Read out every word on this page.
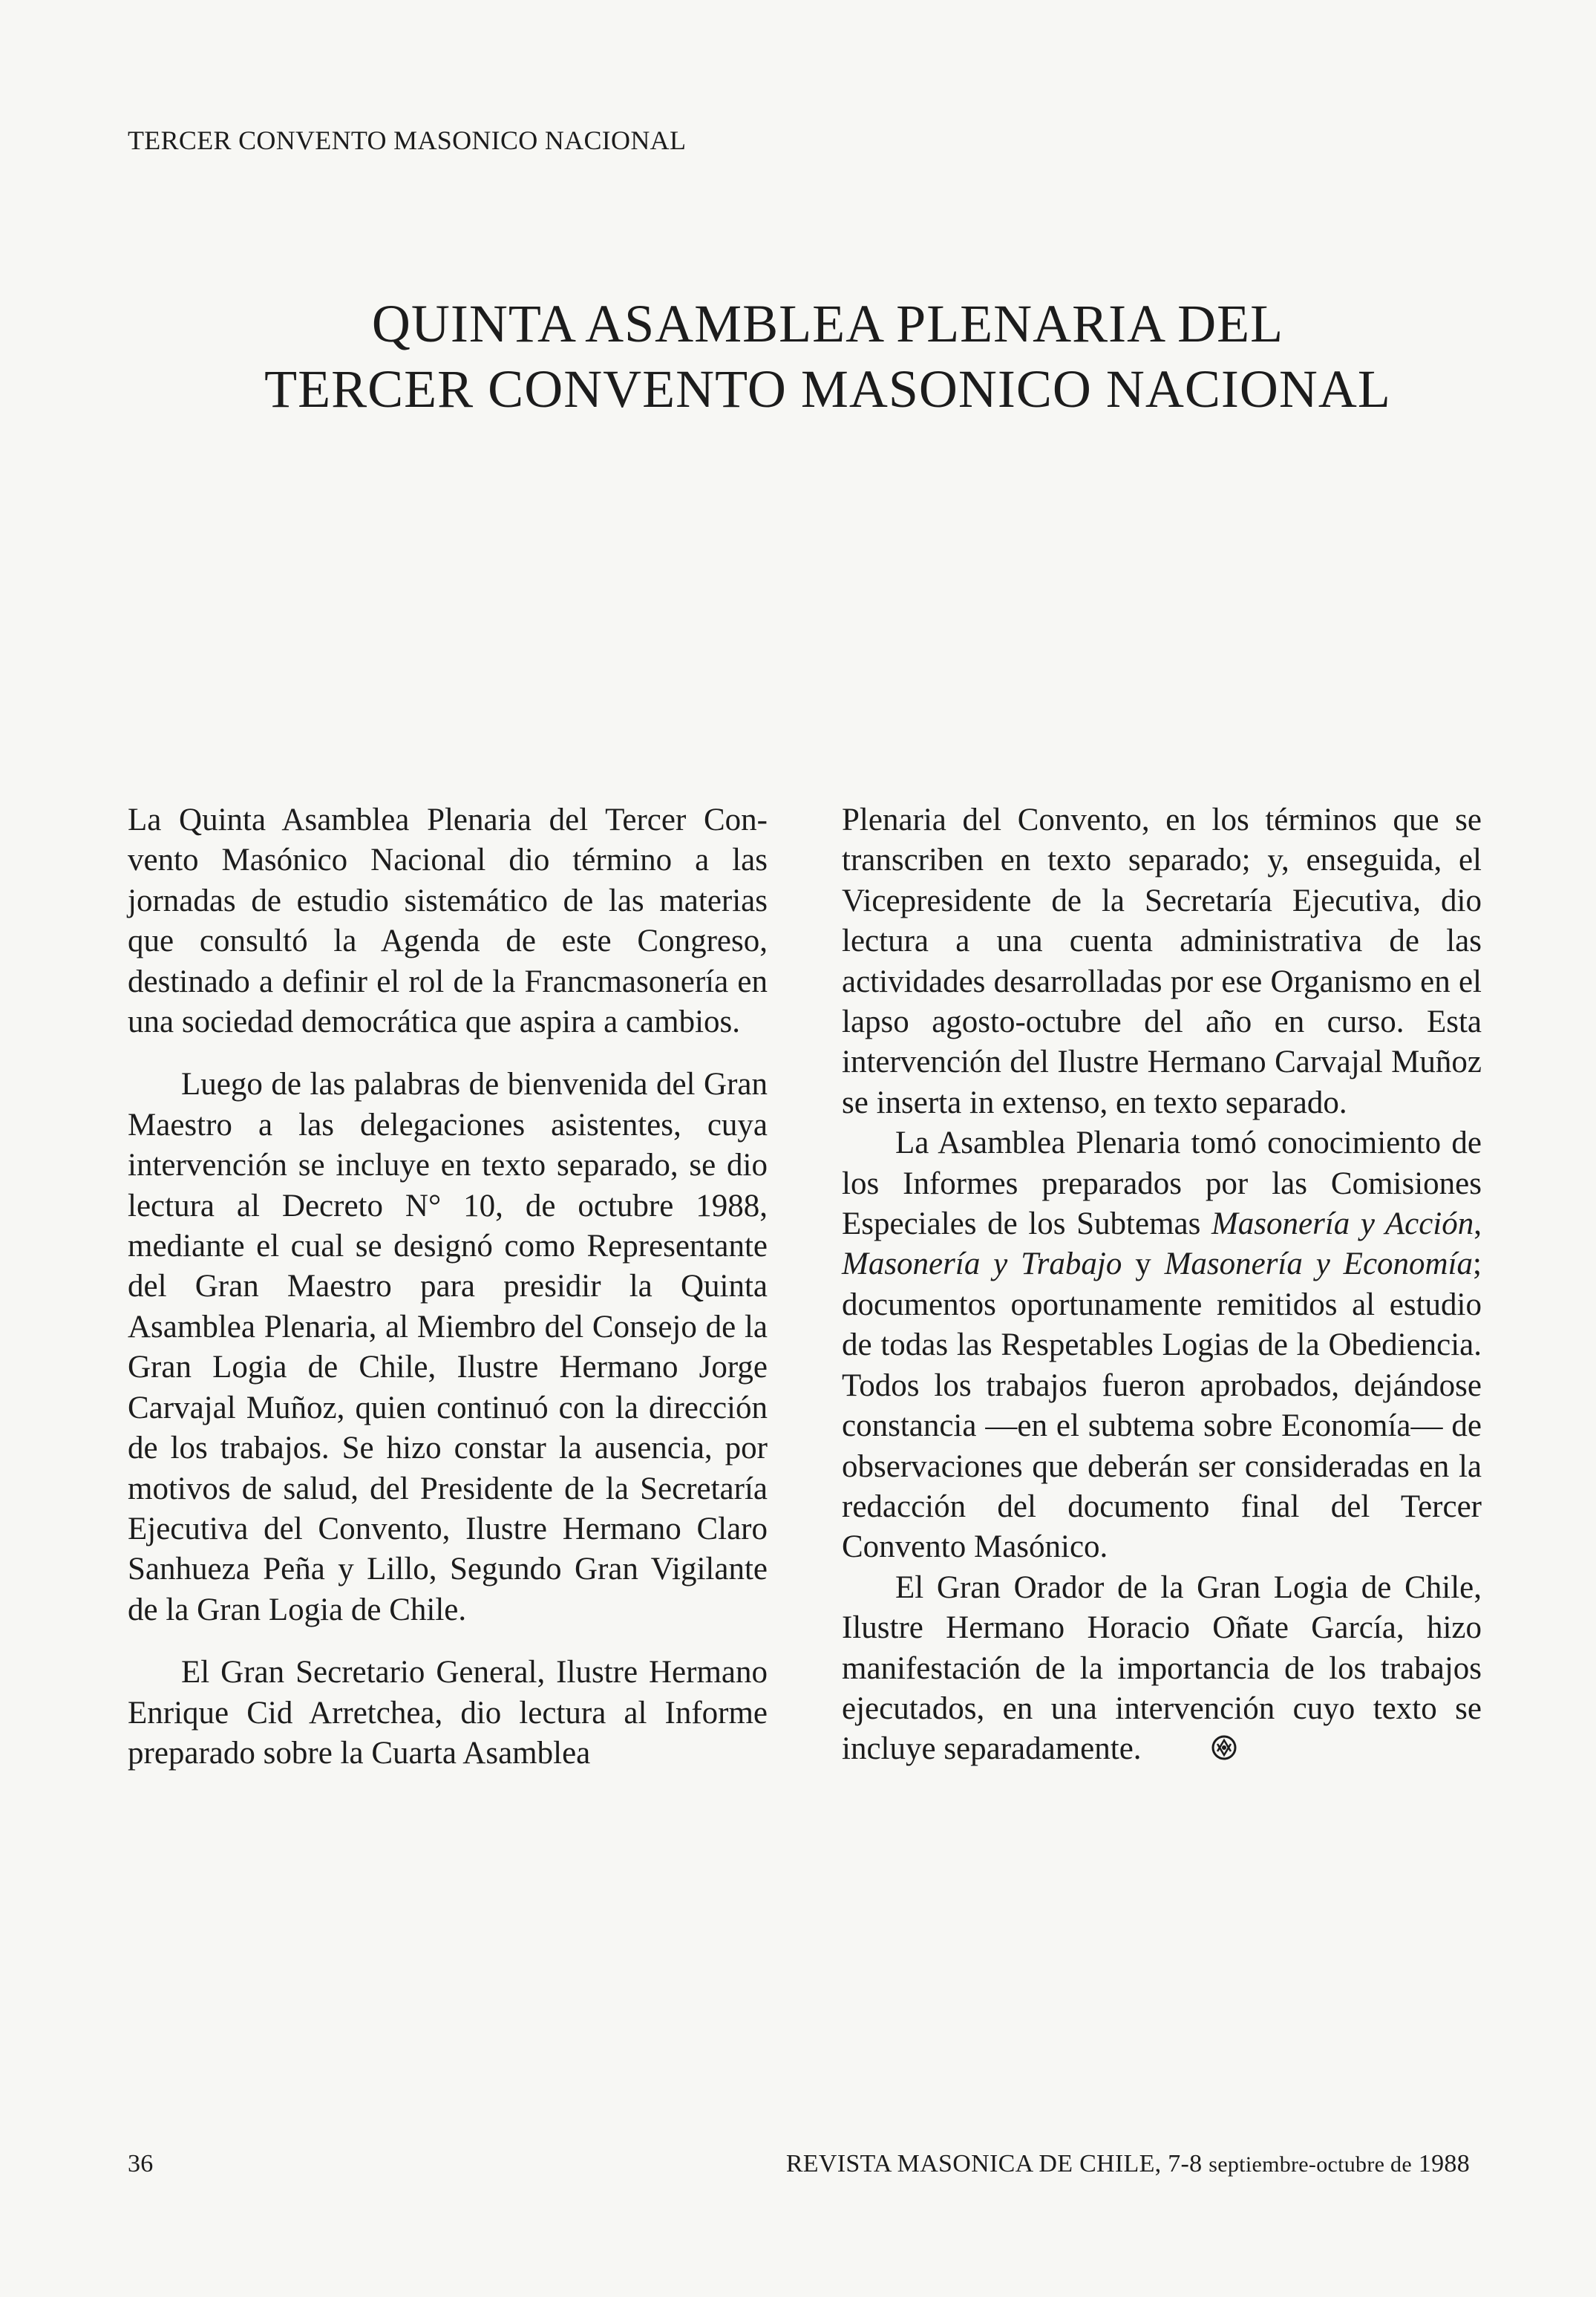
TERCER CONVENTO MASONICO NACIONAL
QUINTA ASAMBLEA PLENARIA DEL
TERCER CONVENTO MASONICO NACIONAL

La Quinta Asamblea Plenaria del Tercer Convento Masónico Nacional dio término a las jornadas de estudio sistemático de las materias que consultó la Agenda de este Congreso, destinado a definir el rol de la Francmasonería en una sociedad democrática que aspira a cambios.

Luego de las palabras de bienvenida del Gran Maestro a las delegaciones asistentes, cuya intervención se incluye en texto separado, se dio lectura al Decreto N° 10, de octubre 1988, mediante el cual se designó como Representante del Gran Maestro para presidir la Quinta Asamblea Plenaria, al Miembro del Consejo de la Gran Logia de Chile, Ilustre Hermano Jorge Carvajal Muñoz, quien continuó con la dirección de los trabajos. Se hizo constar la ausencia, por motivos de salud, del Presidente de la Secretaría Ejecutiva del Convento, Ilustre Hermano Claro Sanhueza Peña y Lillo, Segundo Gran Vigilante de la Gran Logia de Chile.

El Gran Secretario General, Ilustre Hermano Enrique Cid Arretchea, dio lectura al Informe preparado sobre la Cuarta Asamblea

Plenaria del Convento, en los términos que se transcriben en texto separado; y, enseguida, el Vicepresidente de la Secretaría Ejecutiva, dio lectura a una cuenta administrativa de las actividades desarrolladas por ese Organismo en el lapso agosto-octubre del año en curso. Esta intervención del Ilustre Hermano Carvajal Muñoz se inserta in extenso, en texto separado.

La Asamblea Plenaria tomó conocimiento de los Informes preparados por las Comisiones Especiales de los Subtemas Masonería y Acción, Masonería y Trabajo y Masonería y Economía; documentos oportunamente remitidos al estudio de todas las Respetables Logias de la Obediencia. Todos los trabajos fueron aprobados, dejándose constancia —en el subtema sobre Economía— de observaciones que deberán ser consideradas en la redacción del documento final del Tercer Convento Masónico.

El Gran Orador de la Gran Logia de Chile, Ilustre Hermano Horacio Oñate García, hizo manifestación de la importancia de los trabajos ejecutados, en una intervención cuyo texto se incluye separadamente.

36	REVISTA MASONICA DE CHILE, 7-8 septiembre-octubre de 1988
